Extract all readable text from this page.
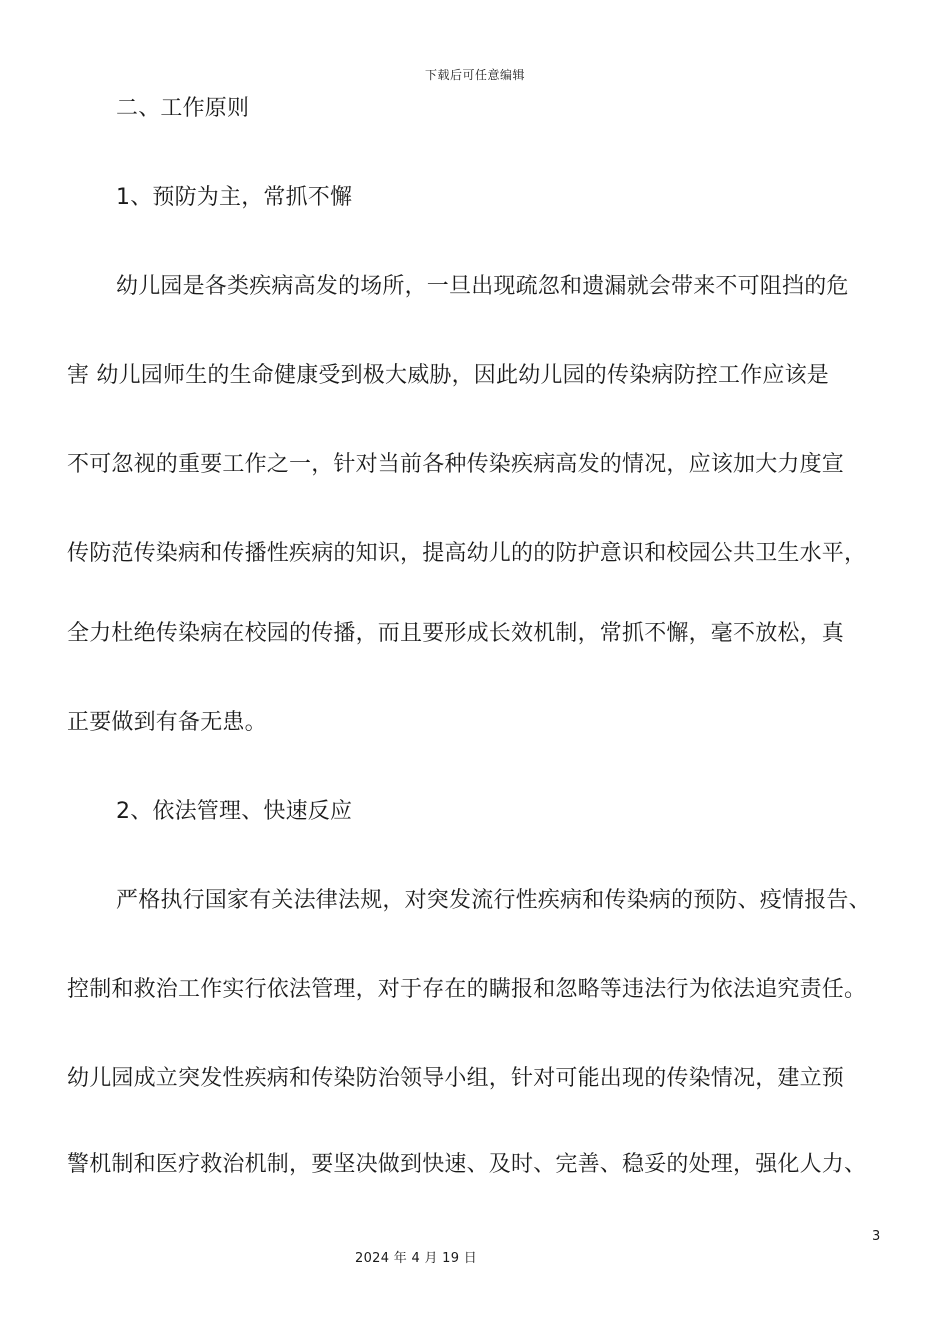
下载后可任意编辑
二、工作原则
1、预防为主，常抓不懈
幼儿园是各类疾病高发的场所，一旦出现疏忽和遗漏就会带来不可阻挡的危
害 幼儿园师生的生命健康受到极大威胁，因此幼儿园的传染病防控工作应该是
不可忽视的重要工作之一，针对当前各种传染疾病高发的情况，应该加大力度宣
传防范传染病和传播性疾病的知识，提高幼儿的的防护意识和校园公共卫生水平，
全力杜绝传染病在校园的传播，而且要形成长效机制，常抓不懈，毫不放松，真
正要做到有备无患。
2、依法管理、快速反应
严格执行国家有关法律法规，对突发流行性疾病和传染病的预防、疫情报告、
控制和救治工作实行依法管理，对于存在的瞒报和忽略等违法行为依法追究责任。
幼儿园成立突发性疾病和传染防治领导小组，针对可能出现的传染情况，建立预
警机制和医疗救治机制，要坚决做到快速、及时、完善、稳妥的处理，强化人力、
3
2024 年 4 月 19 日
